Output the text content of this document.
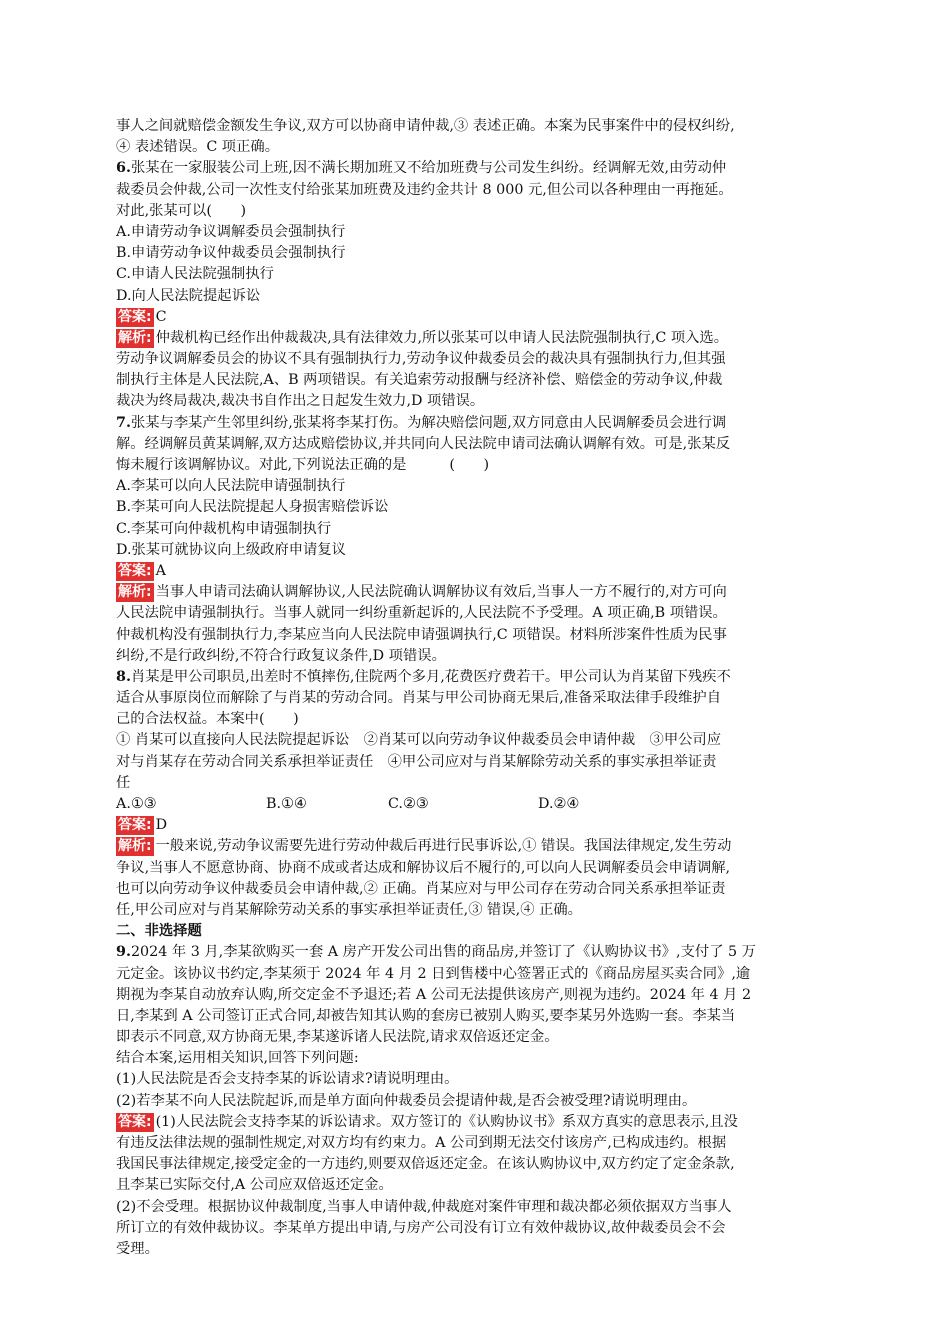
事人之间就赔偿金额发生争议,双方可以协商申请仲裁,③ 表述正确。本案为民事案件中的侵权纠纷,
④ 表述错误。C 项正确。
6.张某在一家服装公司上班,因不满长期加班又不给加班费与公司发生纠纷。经调解无效,由劳动仲
裁委员会仲裁,公司一次性支付给张某加班费及违约金共计 8 000 元,但公司以各种理由一再拖延。
对此,张某可以(　　)
A.申请劳动争议调解委员会强制执行
B.申请劳动争议仲裁委员会强制执行
C.申请人民法院强制执行
D.向人民法院提起诉讼
答案: C
解析: 仲裁机构已经作出仲裁裁决,具有法律效力,所以张某可以申请人民法院强制执行,C 项入选。
劳动争议调解委员会的协议不具有强制执行力,劳动争议仲裁委员会的裁决具有强制执行力,但其强
制执行主体是人民法院,A、B 两项错误。有关追索劳动报酬与经济补偿、赔偿金的劳动争议,仲裁
裁决为终局裁决,裁决书自作出之日起发生效力,D 项错误。
7.张某与李某产生邻里纠纷,张某将李某打伤。为解决赔偿问题,双方同意由人民调解委员会进行调
解。经调解员黄某调解,双方达成赔偿协议,并共同向人民法院申请司法确认调解有效。可是,张某反
悔未履行该调解协议。对此,下列说法正确的是　　　(　　)
A.李某可以向人民法院申请强制执行
B.李某可向人民法院提起人身损害赔偿诉讼
C.李某可向仲裁机构申请强制执行
D.张某可就协议向上级政府申请复议
答案: A
解析: 当事人申请司法确认调解协议,人民法院确认调解协议有效后,当事人一方不履行的,对方可向
人民法院申请强制执行。当事人就同一纠纷重新起诉的,人民法院不予受理。A 项正确,B 项错误。
仲裁机构没有强制执行力,李某应当向人民法院申请强调执行,C 项错误。材料所涉案件性质为民事
纠纷,不是行政纠纷,不符合行政复议条件,D 项错误。
8.肖某是甲公司职员,出差时不慎摔伤,住院两个多月,花费医疗费若干。甲公司认为肖某留下残疾不
适合从事原岗位而解除了与肖某的劳动合同。肖某与甲公司协商无果后,准备采取法律手段维护自
己的合法权益。本案中(　　)
① 肖某可以直接向人民法院提起诉讼　②肖某可以向劳动争议仲裁委员会申请仲裁　③甲公司应
对与肖某存在劳动合同关系承担举证责任　④甲公司应对与肖某解除劳动关系的事实承担举证责
任
A.①③	B.①④	C.②③	D.②④
答案: D
解析: 一般来说,劳动争议需要先进行劳动仲裁后再进行民事诉讼,① 错误。我国法律规定,发生劳动
争议,当事人不愿意协商、协商不成或者达成和解协议后不履行的,可以向人民调解委员会申请调解,
也可以向劳动争议仲裁委员会申请仲裁,② 正确。肖某应对与甲公司存在劳动合同关系承担举证责
任,甲公司应对与肖某解除劳动关系的事实承担举证责任,③ 错误,④ 正确。
二、非选择题
9.2024 年 3 月,李某欲购买一套 A 房产开发公司出售的商品房,并签订了《认购协议书》,支付了 5 万
元定金。该协议书约定,李某须于 2024 年 4 月 2 日到售楼中心签署正式的《商品房屋买卖合同》,逾
期视为李某自动放弃认购,所交定金不予退还;若 A 公司无法提供该房产,则视为违约。2024 年 4 月 2
日,李某到 A 公司签订正式合同,却被告知其认购的套房已被别人购买,要李某另外选购一套。李某当
即表示不同意,双方协商无果,李某遂诉诸人民法院,请求双倍返还定金。
结合本案,运用相关知识,回答下列问题:
(1)人民法院是否会支持李某的诉讼请求?请说明理由。
(2)若李某不向人民法院起诉,而是单方面向仲裁委员会提请仲裁,是否会被受理?请说明理由。
答案: (1)人民法院会支持李某的诉讼请求。双方签订的《认购协议书》系双方真实的意思表示,且没
有违反法律法规的强制性规定,对双方均有约束力。A 公司到期无法交付该房产,已构成违约。根据
我国民事法律规定,接受定金的一方违约,则要双倍返还定金。在该认购协议中,双方约定了定金条款,
且李某已实际交付,A 公司应双倍返还定金。
(2)不会受理。根据协议仲裁制度,当事人申请仲裁,仲裁庭对案件审理和裁决都必须依据双方当事人
所订立的有效仲裁协议。李某单方提出申请,与房产公司没有订立有效仲裁协议,故仲裁委员会不会
受理。
